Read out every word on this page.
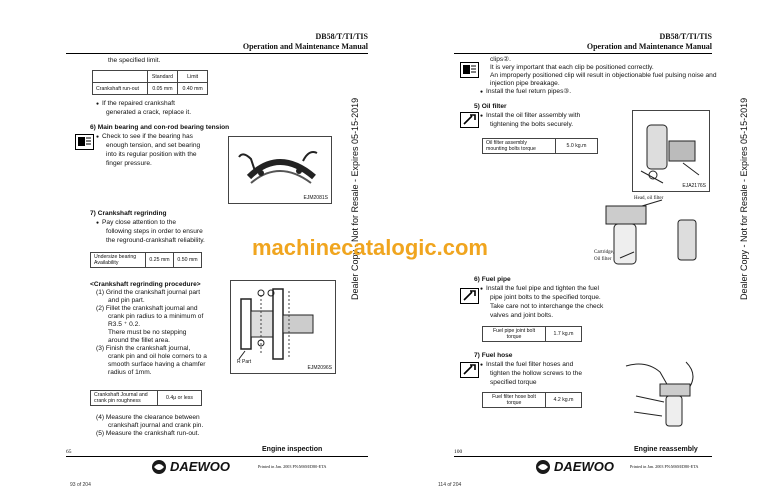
DB58/T/TI/TIS
Operation and Maintenance Manual
the specified limit.
	Standard	Limit
Crankshaft run-out	0.05 mm	0.40 mm
● If the repaired crankshaft
generated a crack, replace it.
6) Main bearing and con-rod bearing tension
● Check to see if the bearing has
enough tension, and set bearing
into its regular position with the
finger pressure.
EJM2081S
7) Crankshaft regrinding
● Pay close attention to the
following steps in order to ensure
the reground-crankshaft reliability.
Undersize bearing
Availability	0.25 mm	0.50 mm
<Crankshaft regrinding procedure>
(1) Grind the crankshaft journal part
and pin part.
(2) Fillet the crankshaft journal and
crank pin radius to a minimum of
R3.5 ⁺ 0.2.
There must be no stepping
around the fillet area.
(3) Finish the crankshaft journal,
crank pin and oil hole corners to a
smooth surface having a chamfer
radius of 1mm.
R Part
EJM2096S
Crankshaft Journal and
crank pin roughness	0.4μ or less
(4) Measure the clearance between
crankshaft journal and crank pin.
(5) Measure the crankshaft run-out.
65	Engine inspection
DAEWOO	Printed in Jan. 2003 PN:MSM/D80-ETA
93 of 204
DB58/T/TI/TIS
Operation and Maintenance Manual
clips②.
It is very important that each clip be positioned correctly.
An improperly positioned clip will result in objectionable fuel pulsing noise and
injection pipe breakage.
● Install the fuel return pipes③.
5) Oil filter
● Install the oil filter assembly with
tightening the bolts securely.
Oil filter assembly
mounting bolts torque	5.0 kg.m
EJA2176S
Head, oil filter
Cartridge,
Oil filter
6) Fuel pipe
● Install the fuel pipe and tighten the fuel
pipe joint bolts to the specified torque.
Take care not to interchange the check
valves and joint bolts.
Fuel pipe joint bolt
torque	1.7 kg.m
7) Fuel hose
● Install the fuel filter hoses and
tighten the hollow screws to the
specified torque
Fuel filter hose bolt
torque	4.2 kg.m
100	Engine reassembly
DAEWOO	Printed in Jan. 2003 PN:MSM/D80-ETA
114 of 204
Dealer Copy - Not for Resale - Expires 05-15-2019	Dealer Copy - Not for Resale - Expires 05-15-2019
machinecatalogic.com
